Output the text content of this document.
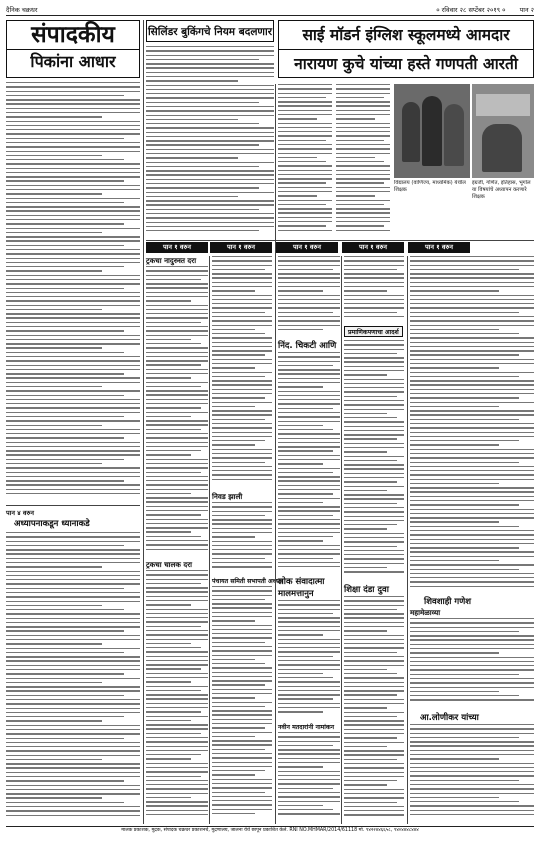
दैनिक चक्रधर	० रविवार २८ सप्टेंबर २०१९ ०	पान २
संपादकीय
पिकांना आधार
सिलिंडर बुकिंगचे नियम बदलणार	साई मॉडर्न इंग्लिश स्कूलमध्ये आमदार
नारायण कुचे यांच्या हस्ते गणपती आरती
विद्यालय (वाणिज्य, माध्यमिक) येथील शिक्षक
इंग्रजी, गणित, इतिहास, भूगोल या विषयांचे अध्यापन करणारे शिक्षक
पान १ वरुन	पान १ वरुन	पान १ वरुन	पान १ वरुन	पान १ वरुन
पान ४ वरुन
अध्यापनाकडून ध्यानाकडे
ट्रकचा नादुरुस्त दरा
ट्रकचा चालक दरा
निवड झाली
पंचायत समिती सभापती अध्यक्ष
निंद. चिकटी आणि
लोक संवादात्मा
मालमत्तानुन
नवीन मतदारांनी नामांकन
प्रमाणिकपणाचा आदर्श
शिक्षा दंडा दुवा
शिवशाही गणेश
महामेळाव्या
आ.लोणीकर यांच्या
मालक प्रकाशक, मुद्रक, संपादक चक्रधर प्रकाशनचे, मुद्रणालय, जालना येथे छापून प्रकाशित केले. RNI NO.MHMAR/2014/61118 मो. ९४२२४४६६५८, ९४०४४४८४४४
